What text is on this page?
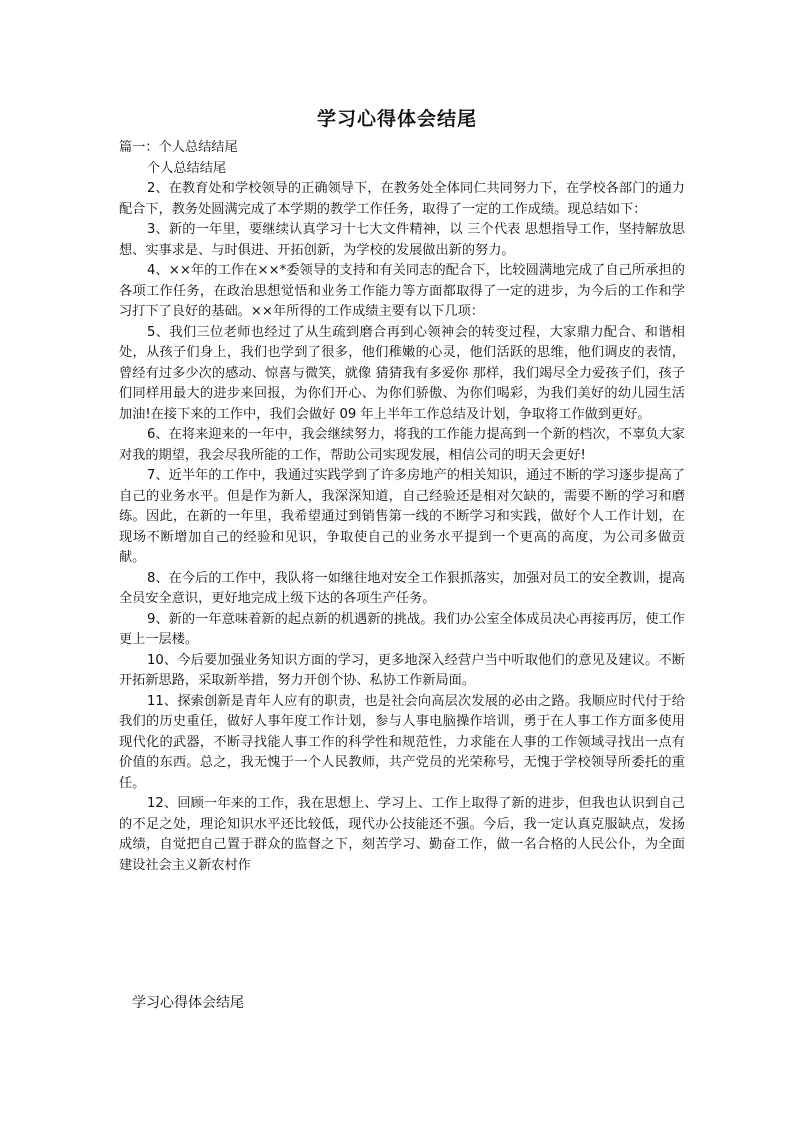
学习心得体会结尾

篇一：个人总结结尾

个人总结结尾

2、在教育处和学校领导的正确领导下，在教务处全体同仁共同努力下，在学校各部门的通力配合下，教务处圆满完成了本学期的教学工作任务，取得了一定的工作成绩。现总结如下：

3、新的一年里，要继续认真学习十七大文件精神，以 三个代表 思想指导工作，坚持解放思想、实事求是、与时俱进、开拓创新，为学校的发展做出新的努力。

4、××年的工作在××*委领导的支持和有关同志的配合下，比较圆满地完成了自己所承担的各项工作任务，在政治思想觉悟和业务工作能力等方面都取得了一定的进步，为今后的工作和学习打下了良好的基础。××年所得的工作成绩主要有以下几项：

5、我们三位老师也经过了从生疏到磨合再到心领神会的转变过程，大家鼎力配合、和谐相处，从孩子们身上，我们也学到了很多，他们稚嫩的心灵，他们活跃的思维，他们调皮的表情，曾经有过多少次的感动、惊喜与微笑，就像 猜猜我有多爱你 那样，我们竭尽全力爱孩子们，孩子们同样用最大的进步来回报，为你们开心、为你们骄傲、为你们喝彩，为我们美好的幼儿园生活加油!在接下来的工作中，我们会做好 09 年上半年工作总结及计划，争取将工作做到更好。

6、在将来迎来的一年中，我会继续努力，将我的工作能力提高到一个新的档次，不辜负大家对我的期望，我会尽我所能的工作，帮助公司实现发展，相信公司的明天会更好!

7、近半年的工作中，我通过实践学到了许多房地产的相关知识，通过不断的学习逐步提高了自己的业务水平。但是作为新人，我深深知道，自己经验还是相对欠缺的，需要不断的学习和磨练。因此，在新的一年里，我希望通过到销售第一线的不断学习和实践，做好个人工作计划，在现场不断增加自己的经验和见识，争取使自己的业务水平提到一个更高的高度，为公司多做贡献。

8、在今后的工作中，我队将一如继往地对安全工作狠抓落实，加强对员工的安全教训，提高全员安全意识，更好地完成上级下达的各项生产任务。

9、新的一年意味着新的起点新的机遇新的挑战。我们办公室全体成员决心再接再厉，使工作更上一层楼。

10、今后要加强业务知识方面的学习，更多地深入经营户当中听取他们的意见及建议。不断开拓新思路，采取新举措，努力开创个协、私协工作新局面。

11、探索创新是青年人应有的职责，也是社会向高层次发展的必由之路。我顺应时代付于给我们的历史重任，做好人事年度工作计划，参与人事电脑操作培训，勇于在人事工作方面多使用现代化的武器，不断寻找能人事工作的科学性和规范性，力求能在人事的工作领域寻找出一点有价值的东西。总之，我无愧于一个人民教师，共产党员的光荣称号，无愧于学校领导所委托的重任。

12、回顾一年来的工作，我在思想上、学习上、工作上取得了新的进步，但我也认识到自己的不足之处，理论知识水平还比较低，现代办公技能还不强。今后，我一定认真克服缺点，发扬成绩，自觉把自己置于群众的监督之下，刻苦学习、勤奋工作，做一名合格的人民公仆，为全面建设社会主义新农村作

学习心得体会结尾
